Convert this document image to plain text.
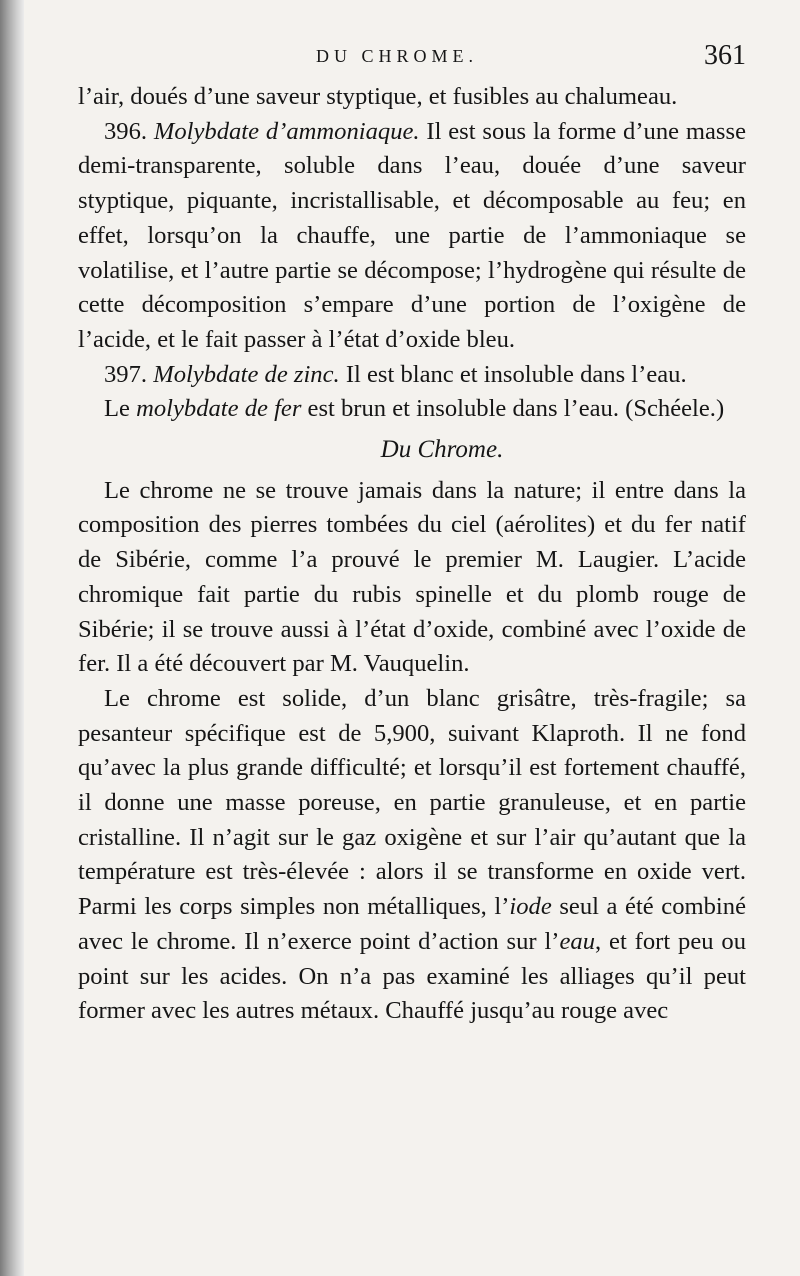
DU CHROME.	361

l’air, doués d’une saveur styptique, et fusibles au chalumeau.

396. Molybdate d’ammoniaque. Il est sous la forme d’une masse demi-transparente, soluble dans l’eau, douée d’une saveur styptique, piquante, incristallisable, et décomposable au feu; en effet, lorsqu’on la chauffe, une partie de l’ammoniaque se volatilise, et l’autre partie se décompose; l’hydrogène qui résulte de cette décomposition s’empare d’une portion de l’oxigène de l’acide, et le fait passer à l’état d’oxide bleu.

397. Molybdate de zinc. Il est blanc et insoluble dans l’eau.

Le molybdate de fer est brun et insoluble dans l’eau. (Schéele.)

Du Chrome.

Le chrome ne se trouve jamais dans la nature; il entre dans la composition des pierres tombées du ciel (aérolites) et du fer natif de Sibérie, comme l’a prouvé le premier M. Laugier. L’acide chromique fait partie du rubis spinelle et du plomb rouge de Sibérie; il se trouve aussi à l’état d’oxide, combiné avec l’oxide de fer. Il a été découvert par M. Vauquelin.

Le chrome est solide, d’un blanc grisâtre, très-fragile; sa pesanteur spécifique est de 5,900, suivant Klaproth. Il ne fond qu’avec la plus grande difficulté; et lorsqu’il est fortement chauffé, il donne une masse poreuse, en partie granuleuse, et en partie cristalline. Il n’agit sur le gaz oxigène et sur l’air qu’autant que la température est très-élevée : alors il se transforme en oxide vert. Parmi les corps simples non métalliques, l’iode seul a été combiné avec le chrome. Il n’exerce point d’action sur l’eau, et fort peu ou point sur les acides. On n’a pas examiné les alliages qu’il peut former avec les autres métaux. Chauffé jusqu’au rouge avec
